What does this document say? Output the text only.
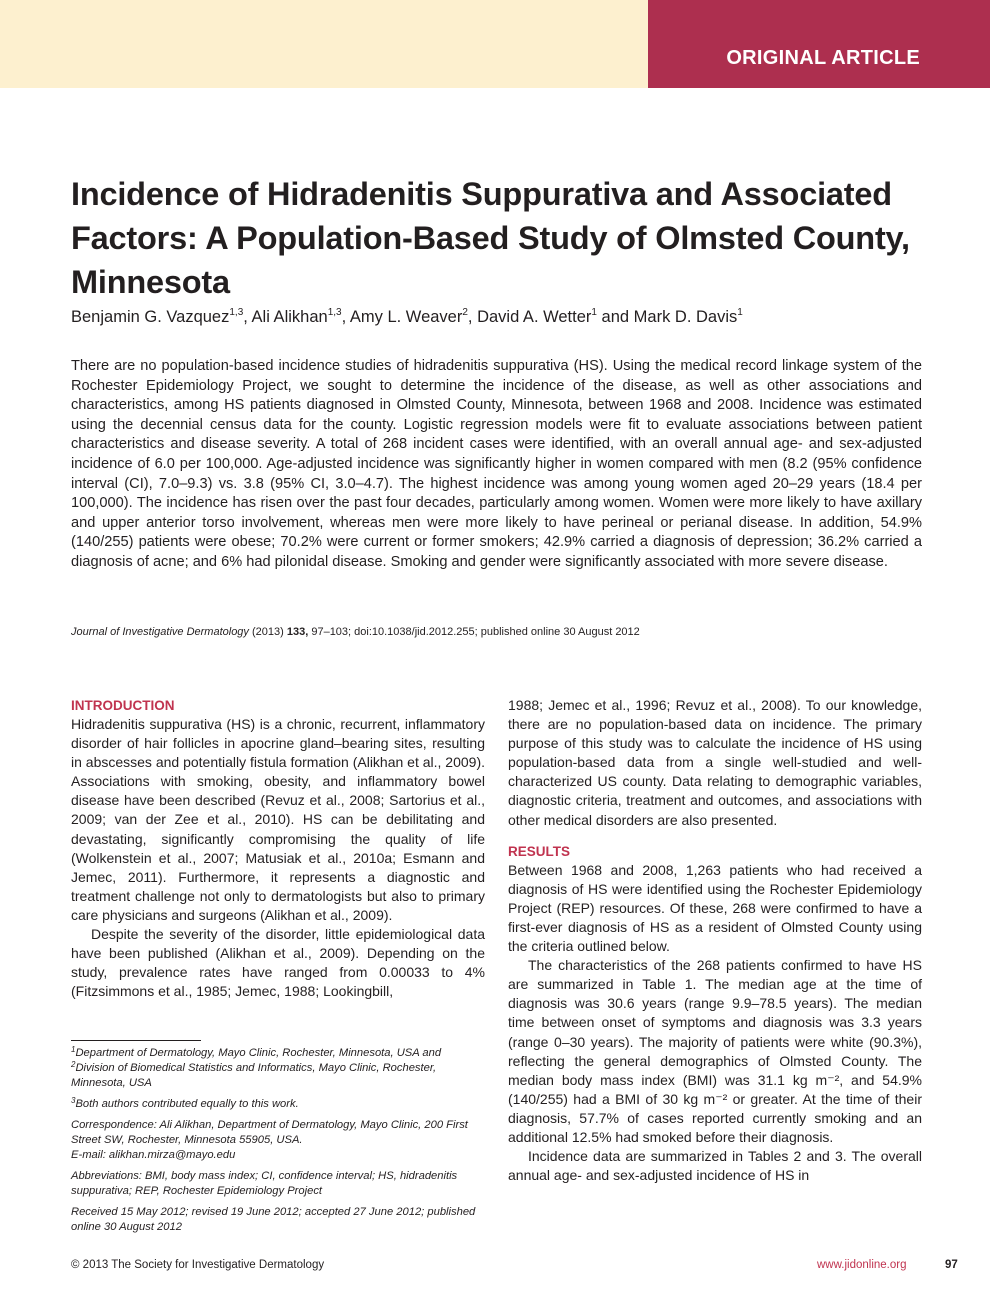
ORIGINAL ARTICLE
Incidence of Hidradenitis Suppurativa and Associated Factors: A Population-Based Study of Olmsted County, Minnesota
Benjamin G. Vazquez$^{1,3}$, Ali Alikhan$^{1,3}$, Amy L. Weaver$^2$, David A. Wetter$^1$ and Mark D. Davis$^1$

There are no population-based incidence studies of hidradenitis suppurativa (HS). Using the medical record linkage system of the Rochester Epidemiology Project, we sought to determine the incidence of the disease, as well as other associations and characteristics, among HS patients diagnosed in Olmsted County, Minnesota, between 1968 and 2008. Incidence was estimated using the decennial census data for the county. Logistic regression models were fit to evaluate associations between patient characteristics and disease severity. A total of 268 incident cases were identified, with an overall annual age- and sex-adjusted incidence of 6.0 per 100,000. Age-adjusted incidence was significantly higher in women compared with men (8.2 (95% confidence interval (CI), 7.0–9.3) vs. 3.8 (95% CI, 3.0–4.7). The highest incidence was among young women aged 20–29 years (18.4 per 100,000). The incidence has risen over the past four decades, particularly among women. Women were more likely to have axillary and upper anterior torso involvement, whereas men were more likely to have perineal or perianal disease. In addition, 54.9% (140/255) patients were obese; 70.2% were current or former smokers; 42.9% carried a diagnosis of depression; 36.2% carried a diagnosis of acne; and 6% had pilonidal disease. Smoking and gender were significantly associated with more severe disease.

Journal of Investigative Dermatology (2013) 133, 97–103; doi:10.1038/jid.2012.255; published online 30 August 2012
INTRODUCTION

Hidradenitis suppurativa (HS) is a chronic, recurrent, inflammatory disorder of hair follicles in apocrine gland–bearing sites, resulting in abscesses and potentially fistula formation (Alikhan et al., 2009). Associations with smoking, obesity, and inflammatory bowel disease have been described (Revuz et al., 2008; Sartorius et al., 2009; van der Zee et al., 2010). HS can be debilitating and devastating, significantly compromising the quality of life (Wolkenstein et al., 2007; Matusiak et al., 2010a; Esmann and Jemec, 2011). Furthermore, it represents a diagnostic and treatment challenge not only to dermatologists but also to primary care physicians and surgeons (Alikhan et al., 2009).

Despite the severity of the disorder, little epidemiological data have been published (Alikhan et al., 2009). Depending on the study, prevalence rates have ranged from 0.00033 to 4% (Fitzsimmons et al., 1985; Jemec, 1988; Lookingbill,

1988; Jemec et al., 1996; Revuz et al., 2008). To our knowledge, there are no population-based data on incidence. The primary purpose of this study was to calculate the incidence of HS using population-based data from a single well-studied and well-characterized US county. Data relating to demographic variables, diagnostic criteria, treatment and outcomes, and associations with other medical disorders are also presented.

RESULTS

Between 1968 and 2008, 1,263 patients who had received a diagnosis of HS were identified using the Rochester Epidemiology Project (REP) resources. Of these, 268 were confirmed to have a first-ever diagnosis of HS as a resident of Olmsted County using the criteria outlined below.

The characteristics of the 268 patients confirmed to have HS are summarized in Table 1. The median age at the time of diagnosis was 30.6 years (range 9.9–78.5 years). The median time between onset of symptoms and diagnosis was 3.3 years (range 0–30 years). The majority of patients were white (90.3%), reflecting the general demographics of Olmsted County. The median body mass index (BMI) was 31.1 kg m⁻², and 54.9% (140/255) had a BMI of 30 kg m⁻² or greater. At the time of their diagnosis, 57.7% of cases reported currently smoking and an additional 12.5% had smoked before their diagnosis.

Incidence data are summarized in Tables 2 and 3. The overall annual age- and sex-adjusted incidence of HS in

$^1$Department of Dermatology, Mayo Clinic, Rochester, Minnesota, USA and
$^2$Division of Biomedical Statistics and Informatics, Mayo Clinic, Rochester, Minnesota, USA

$^3$Both authors contributed equally to this work.

Correspondence: Ali Alikhan, Department of Dermatology, Mayo Clinic, 200 First Street SW, Rochester, Minnesota 55905, USA.
E-mail: alikhan.mirza@mayo.edu

Abbreviations: BMI, body mass index; CI, confidence interval; HS, hidradenitis suppurativa; REP, Rochester Epidemiology Project

Received 15 May 2012; revised 19 June 2012; accepted 27 June 2012; published online 30 August 2012

© 2013 The Society for Investigative Dermatology	www.jidonline.org	97
